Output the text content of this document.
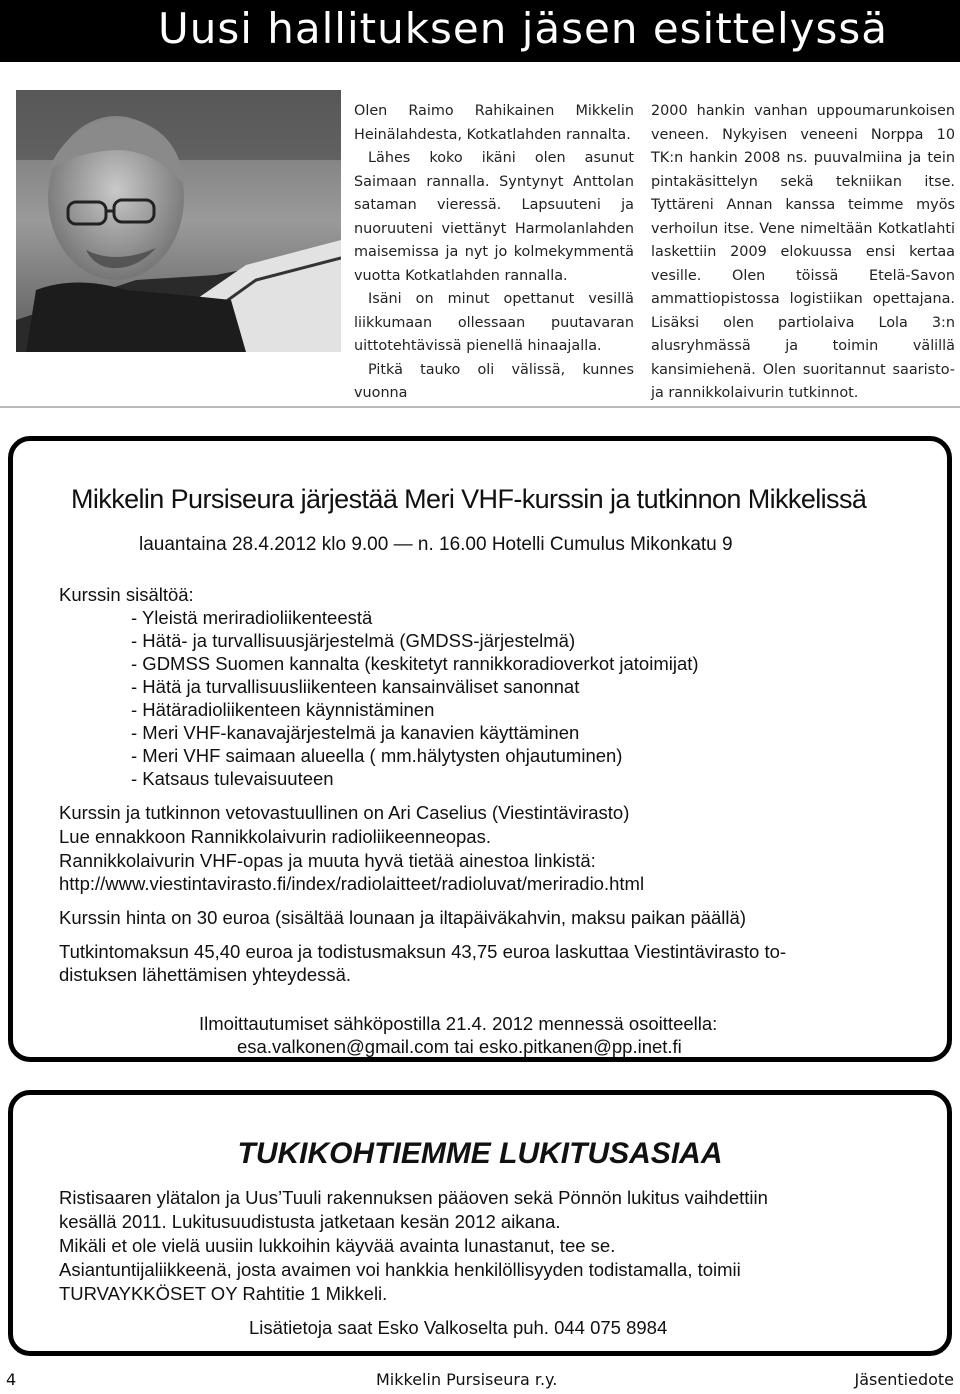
Uusi hallituksen jäsen esittelyssä

Olen Raimo Rahikainen Mikkelin Heinälahdesta, Kotkatlahden rannalta.

Lähes koko ikäni olen asunut Saimaan rannalla. Syntynyt Anttolan sataman vieressä. Lapsuuteni ja nuoruuteni viettänyt Harmolanlahden maisemissa ja nyt jo kolmekymmentä vuotta Kotkatlahden rannalla.

Isäni on minut opettanut vesillä liikkumaan ollessaan puutavaran uittotehtävissä pienellä hinaajalla.

Pitkä tauko oli välissä, kunnes vuonna

2000 hankin vanhan uppoumarunkoisen veneen. Nykyisen veneeni Norppa 10 TK:n hankin 2008 ns. puuvalmiina ja tein pintakäsittelyn sekä tekniikan itse. Tyttäreni Annan kanssa teimme myös verhoilun itse. Vene nimeltään Kotkatlahti laskettiin 2009 elokuussa ensi kertaa vesille. Olen töissä Etelä-Savon ammattiopistossa logistiikan opettajana. Lisäksi olen partiolaiva Lola 3:n alusryhmässä ja toimin välillä kansimiehenä. Olen suoritannut saaristo- ja rannikkolaivurin tutkinnot.

Mikkelin Pursiseura järjestää Meri VHF-kurssin ja tutkinnon Mikkelissä
lauantaina 28.4.2012 klo 9.00 — n. 16.00 Hotelli Cumulus Mikonkatu 9
Kurssin sisältöä:
- Yleistä meriradioliikenteestä
- Hätä- ja turvallisuusjärjestelmä (GMDSS-järjestelmä)
- GDMSS Suomen kannalta (keskitetyt rannikkoradioverkot jatoimijat)
- Hätä ja turvallisuusliikenteen kansainväliset sanonnat
- Hätäradioliikenteen käynnistäminen
- Meri VHF-kanavajärjestelmä ja kanavien käyttäminen
- Meri VHF saimaan alueella ( mm.hälytysten ohjautuminen)
- Katsaus tulevaisuuteen
Kurssin ja tutkinnon vetovastuullinen on Ari Caselius (Viestintävirasto)
Lue ennakkoon Rannikkolaivurin radioliikeenneopas.
Rannikkolaivurin VHF-opas ja muuta hyvä tietää ainestoa linkistä:
http://www.viestintavirasto.fi/index/radiolaitteet/radioluvat/meriradio.html
Kurssin hinta on 30 euroa (sisältää lounaan ja iltapäiväkahvin, maksu paikan päällä)
Tutkintomaksun 45,40 euroa ja todistusmaksun 43,75 euroa laskuttaa Viestintävirasto to-
distuksen lähettämisen yhteydessä.
Ilmoittautumiset sähköpostilla 21.4. 2012 mennessä osoitteella:
esa.valkonen@gmail.com tai esko.pitkanen@pp.inet.fi
TUKIKOHTIEMME LUKITUSASIAA
Ristisaaren ylätalon ja Uus’Tuuli rakennuksen pääoven sekä Pönnön lukitus vaihdettiin
kesällä 2011. Lukitusuudistusta jatketaan kesän 2012 aikana.
Mikäli et ole vielä uusiin lukkoihin käyvää avainta lunastanut, tee se.
Asiantuntijaliikkeenä, josta avaimen voi hankkia henkilöllisyyden todistamalla, toimii
TURVAYKKÖSET OY Rahtitie 1 Mikkeli.
Lisätietoja saat Esko Valkoselta puh. 044 075 8984
4	Mikkelin Pursiseura r.y.	Jäsentiedote
